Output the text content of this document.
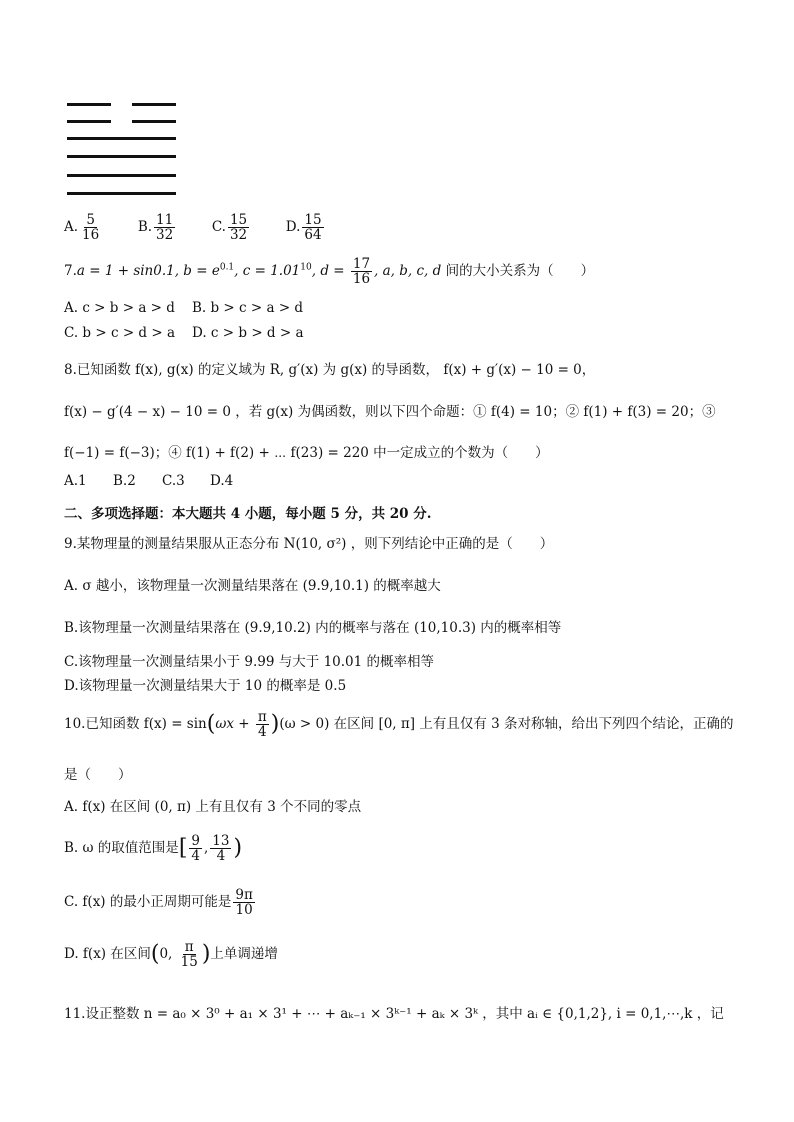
A. $\frac{5}{16}$	B. $\frac{11}{32}$	C. $\frac{15}{32}$	D. $\frac{15}{64}$
7.a = 1 + sin0.1, $b = e^{0.1}$, $c = 1.01^{10}$, $d = \frac{17}{16}$ , a, b, c, d 间的大小关系为（　　）
A. c > b > a > d B. b > c > a > d
C. b > c > d > a D. c > b > d > a
8.已知函数 f(x), g(x) 的定义域为 R, g′(x) 为 g(x) 的导函数， f(x) + g′(x) − 10 = 0，
f(x) − g′(4 − x) − 10 = 0 ，若 g(x) 为偶函数，则以下四个命题：① f(4) = 10；② f(1) + f(3) = 20；③
f(−1) = f(−3)；④ f(1) + f(2) + ⋯ f(23) = 220 中一定成立的个数为（　　）
A.1 B.2 C.3 D.4
二、多项选择题：本大题共 4 小题，每小题 5 分，共 20 分.
9.某物理量的测量结果服从正态分布 N(10, σ²) ，则下列结论中正确的是（　　）
A. σ 越小，该物理量一次测量结果落在 (9.9,10.1) 的概率越大
B.该物理量一次测量结果落在 (9.9,10.2) 内的概率与落在 (10,10.3) 内的概率相等
C.该物理量一次测量结果小于 9.99 与大于 10.01 的概率相等
D.该物理量一次测量结果大于 10 的概率是 0.5
10.已知函数 $f(x) = \sin(\omega x + \frac{\pi}{4} )(\omega > 0)$ 在区间 [0, π] 上有且仅有 3 条对称轴，给出下列四个结论，正确的
是（　　）
A. f(x) 在区间 (0, π) 上有且仅有 3 个不同的零点
B. ω 的取值范围是[ $\frac{9}{4}$ , $\frac{13}{4}$ )
C. f(x) 的最小正周期可能是 $\frac{9\pi}{10}$
D. f(x) 在区间(0, $\frac{\pi}{15}$ )上单调递增
11.设正整数 n = a₀ × 3⁰ + a₁ × 3¹ + ⋯ + aₖ₋₁ × 3ᵏ⁻¹ + aₖ × 3ᵏ ，其中 aᵢ ∈ {0,1,2}, i = 0,1,⋯,k ，记
